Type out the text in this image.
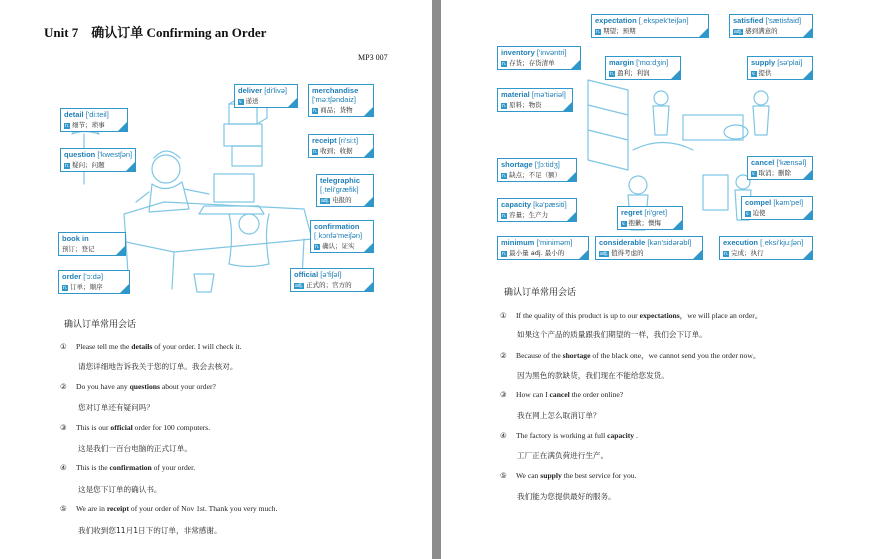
Unit 7　确认订单 Confirming an Order
MP3 007
deliver [di'livə]
v. 递送
merchandise
['mə:tʃəndaiz]
n. 商品；货物
detail ['di:teil]
n. 细节；琐事
receipt [ri'si:t]
n. 收到；收据
question ['kwestʃən]
n. 疑问；问题
telegraphic
[ˌteli'græfik]
adj. 电报的
confirmation
[ˌkɔnfə'meiʃən]
n. 确认；证实
book in
预订；登记
order ['ɔ:də]
n. 订单；顺序
official [ə'fiʃəl]
adj. 正式的；官方的
确认订单常用会话
① Please tell me the details of your order. I will check it.
请您详细地告诉我关于您的订单。我会去核对。
② Do you have any questions about your order?
您对订单还有疑问吗？
③ This is our official order for 100 computers.
这是我们一百台电脑的正式订单。
④ This is the confirmation of your order.
这是您下订单的确认书。
⑤ We are in receipt of your order of Nov 1st. Thank you very much.
我们收到您11月1日下的订单，非常感谢。
expectation [ˌekspek'teiʃən]
n. 期望；预期
satisfied ['sætisfaid]
adj. 感到满意的
inventory ['invəntri]
n. 存货；存货清单	margin ['mɑ:dʒin]
n. 盈利；利润
supply [sə'plai]
v. 提供
material [mə'tiəriəl]
n. 原料；物资
shortage ['ʃɔ:tidʒ]
n. 缺点；不足（额）
cancel ['kænsəl]
v. 取消；删除
capacity [kə'pæsiti]
n. 容量；生产力	regret [ri'gret]
v. 抱歉；懊悔
compel [kəm'pel]
v. 迫使
minimum ['miniməm]
n. 最小量 adj. 最小的
considerable [kən'sidərəbl]
adj. 值得考虑的
execution [ˌeksi'kju:ʃən]
n. 完成；执行
确认订单常用会话
① If the quality of this product is up to our expectations，we will place an order。
如果这个产品的质量跟我们期望的一样，我们会下订单。
② Because of the shortage of the black one，we cannot send you the order now。
因为黑色的款缺货，我们现在不能给您发货。
③ How can I cancel the order online?
我在网上怎么取消订单？
④ The factory is working at full capacity .
工厂正在满负荷进行生产。
⑤ We can supply the best service for you.
我们能为您提供最好的服务。
